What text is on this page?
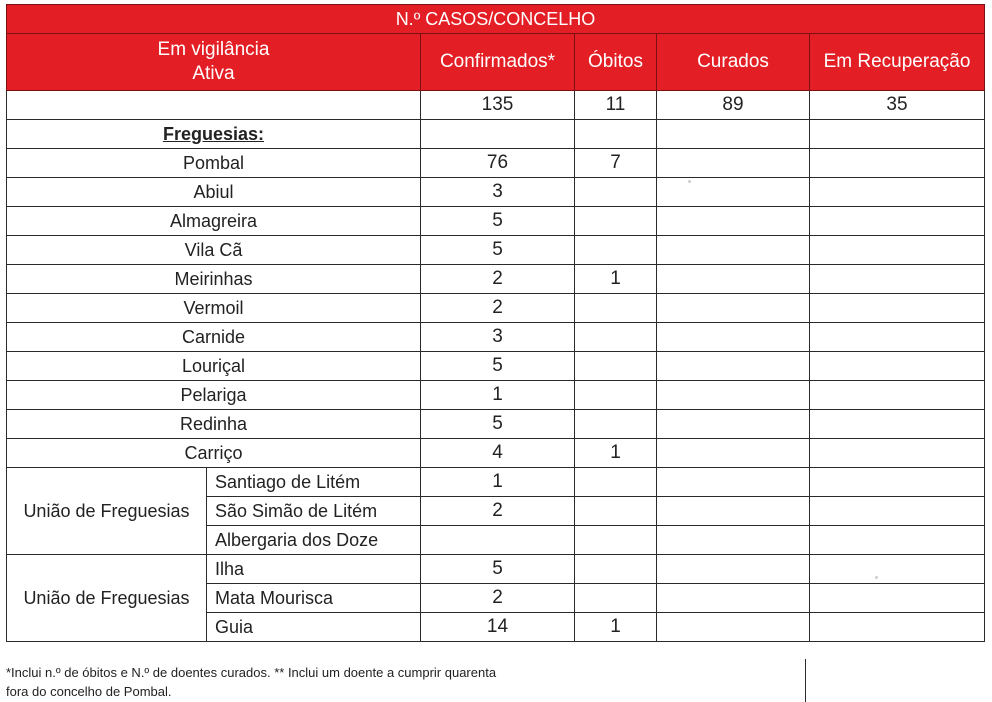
N.º CASOS/CONCELHO					

Em vigilância
Ativa		Confirmados*	Óbitos	Curados	Em Recuperação
		135	11	89	35
Freguesias:					
Pombal		76	7		
Abiul		3			
Almagreira		5			
Vila Cã		5			
Meirinhas		2	1		
Vermoil		2			
Carnide		3			
Louriçal		5			
Pelariga		1			
Redinha		5			
Carriço		4	1		
União de Freguesias	Santiago de Litém	1			
	São Simão de Litém	2			
	Albergaria dos Doze				
União de Freguesias	Ilha	5			
	Mata Mourisca	2			
	Guia	14	1		
*Inclui n.º de óbitos e N.º de doentes curados. ** Inclui um doente a cumprir quarenta
fora do concelho de Pombal.
